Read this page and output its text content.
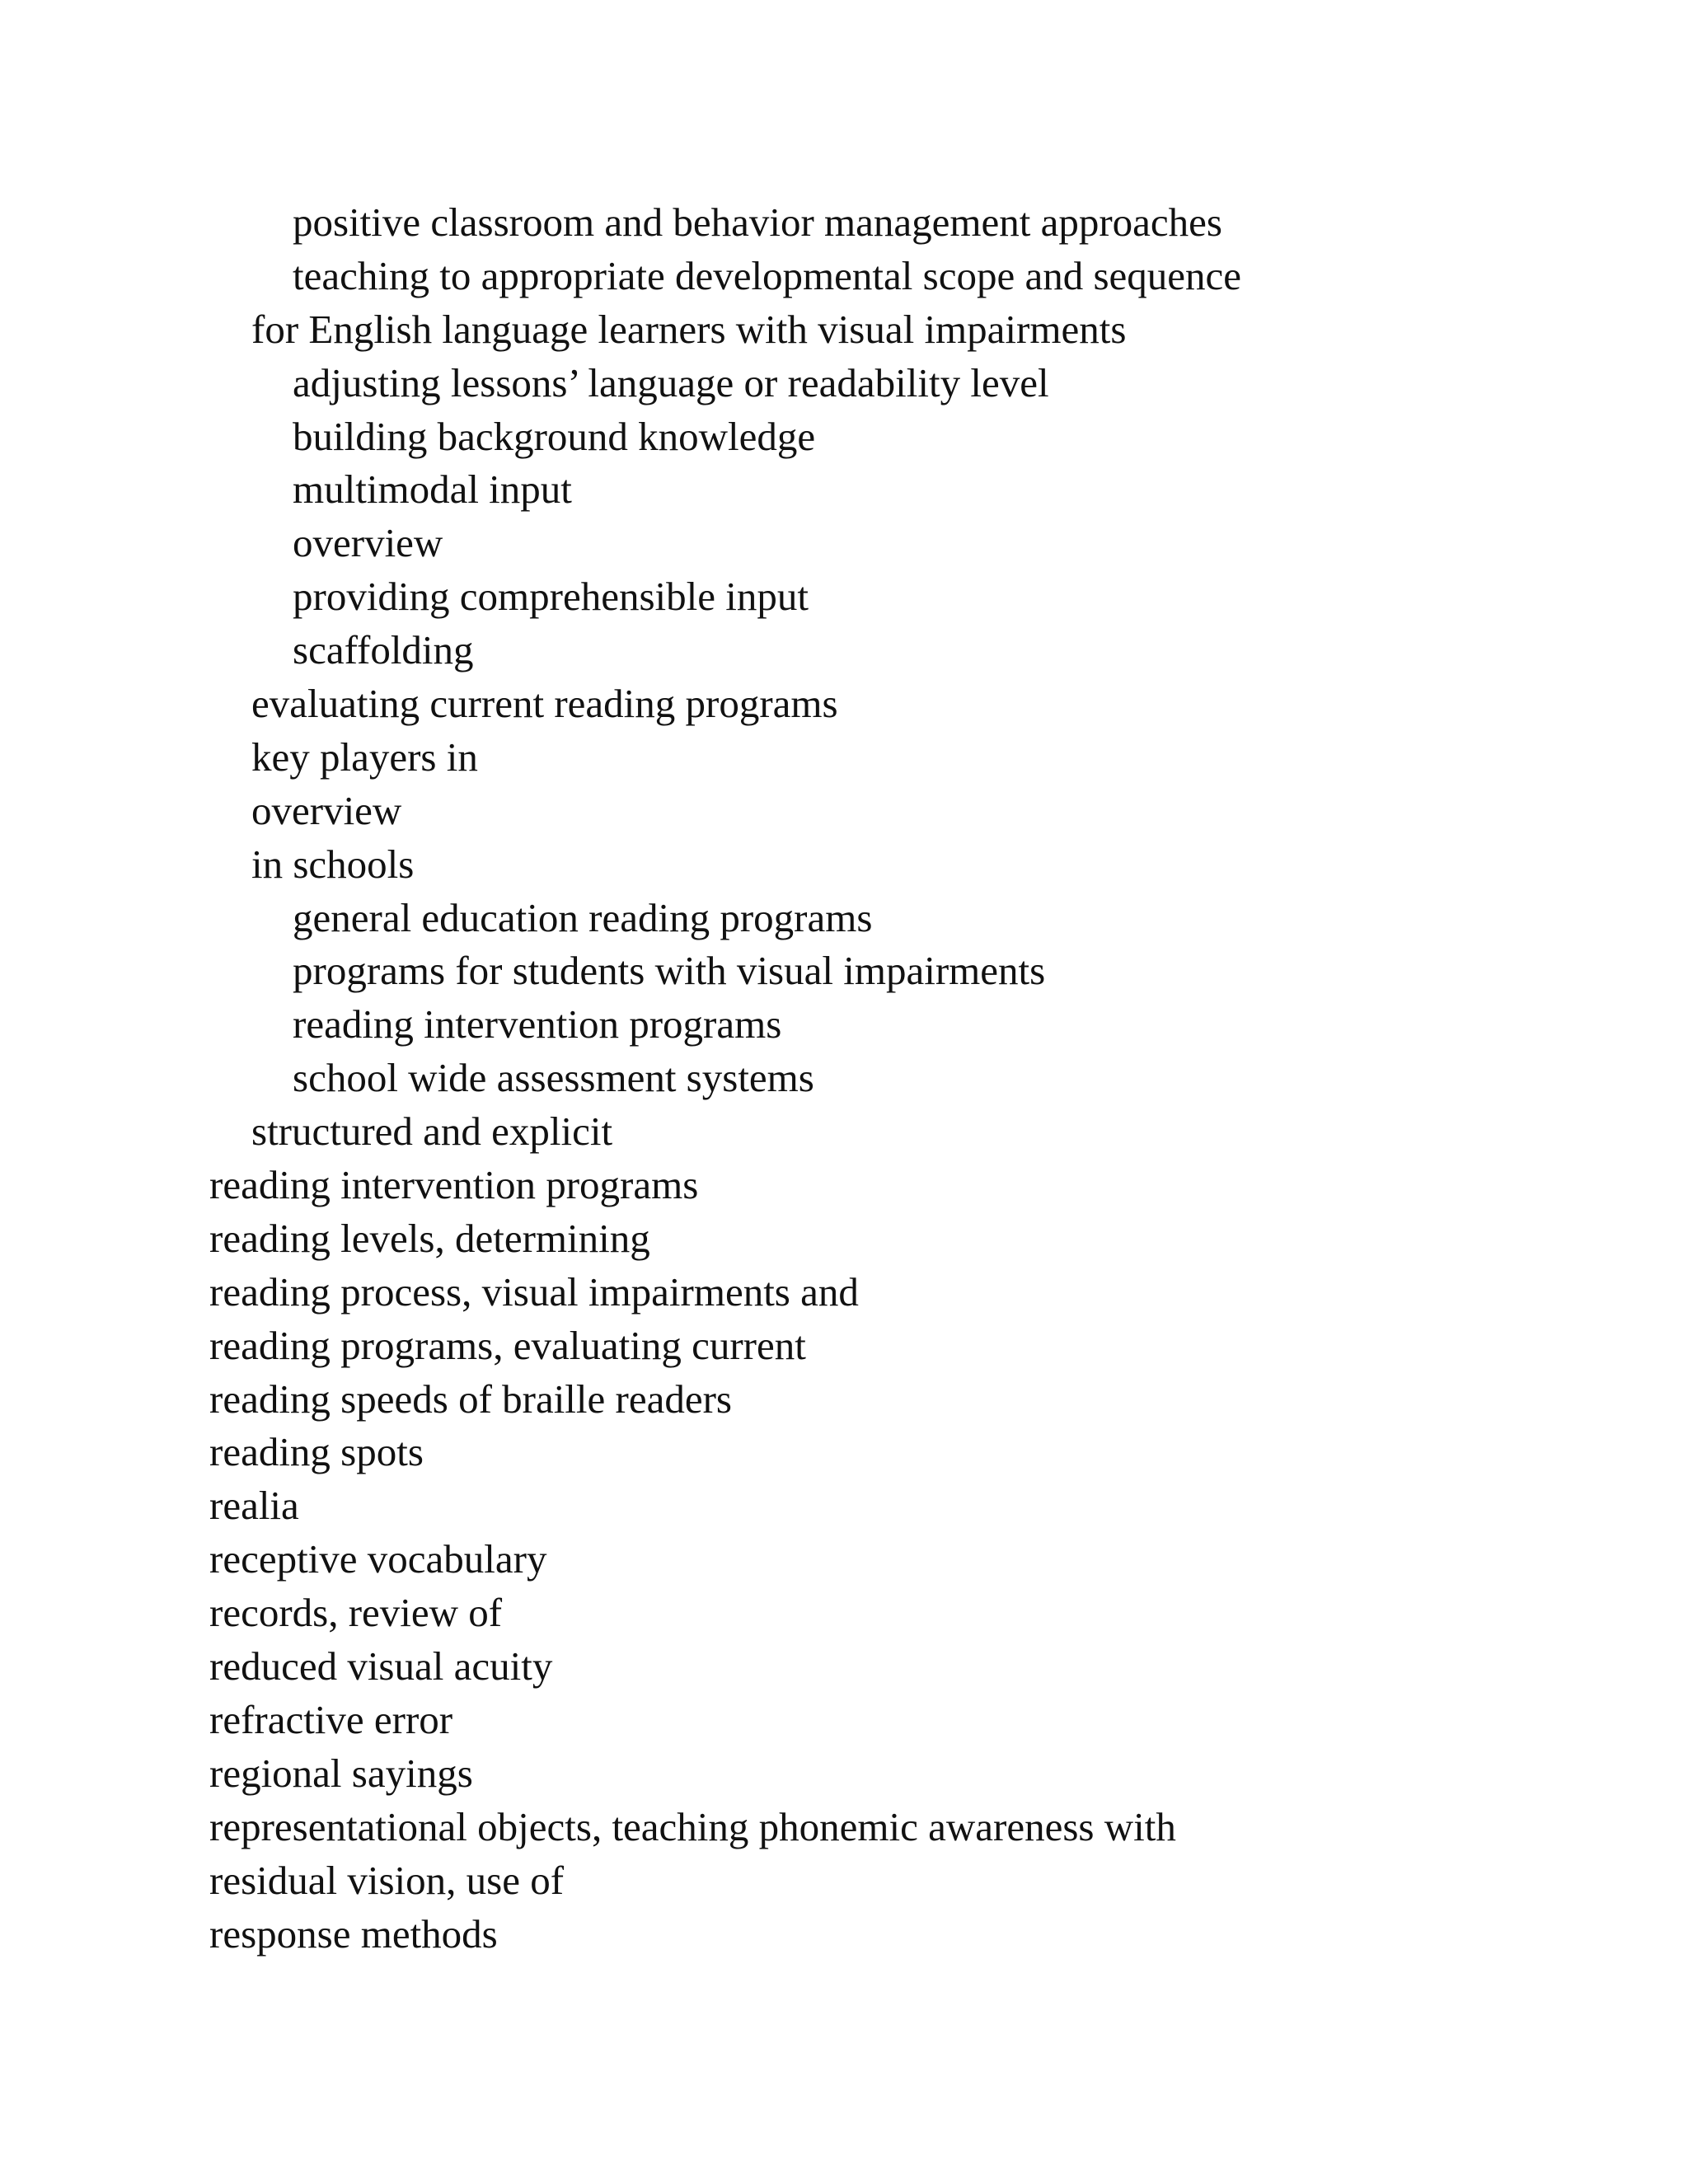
positive classroom and behavior management approaches
teaching to appropriate developmental scope and sequence
for English language learners with visual impairments
adjusting lessons’ language or readability level
building background knowledge
multimodal input
overview
providing comprehensible input
scaffolding
evaluating current reading programs
key players in
overview
in schools
general education reading programs
programs for students with visual impairments
reading intervention programs
school wide assessment systems
structured and explicit
reading intervention programs
reading levels, determining
reading process, visual impairments and
reading programs, evaluating current
reading speeds of braille readers
reading spots
realia
receptive vocabulary
records, review of
reduced visual acuity
refractive error
regional sayings
representational objects, teaching phonemic awareness with
residual vision, use of
response methods
